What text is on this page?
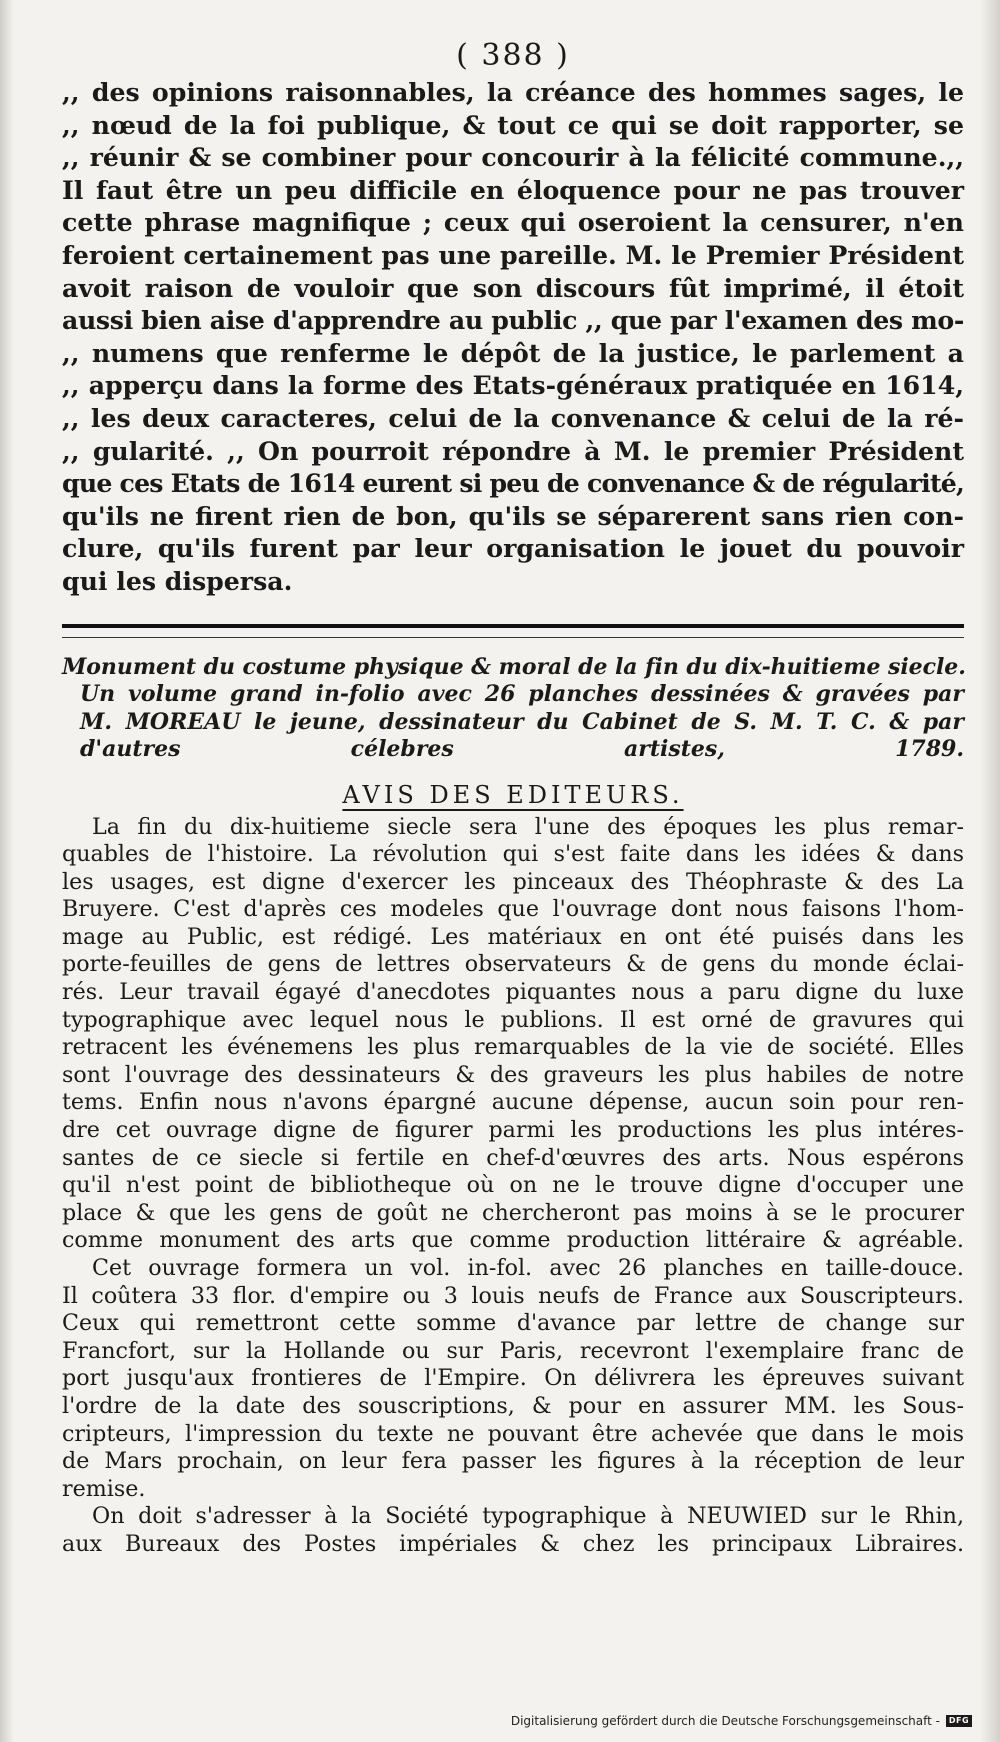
( 388 )
,, des opinions raisonnables, la créance des hommes sages, le
,, nœud de la foi publique, & tout ce qui se doit rapporter, se
,, réunir & se combiner pour concourir à la félicité commune.,,
Il faut être un peu difficile en éloquence pour ne pas trouver
cette phrase magnifique ; ceux qui oseroient la censurer, n'en
feroient certainement pas une pareille. M. le Premier Président
avoit raison de vouloir que son discours fût imprimé, il étoit
aussi bien aise d'apprendre au public ,, que par l'examen des mo-
,, numens que renferme le dépôt de la justice, le parlement a
,, apperçu dans la forme des Etats-généraux pratiquée en 1614,
,, les deux caracteres, celui de la convenance & celui de la ré-
,, gularité. ,, On pourroit répondre à M. le premier Président
que ces Etats de 1614 eurent si peu de convenance & de régularité,
qu'ils ne firent rien de bon, qu'ils se séparerent sans rien con-
clure, qu'ils furent par leur organisation le jouet du pouvoir
qui les dispersa.
Monument du costume physique & moral de la fin du dix-huitieme siecle.
Un volume grand in-folio avec 26 planches dessinées & gravées par
M. MOREAU le jeune, dessinateur du Cabinet de S. M. T. C. & par
d'autres célebres artistes, 1789.
AVIS DES EDITEURS.
La fin du dix-huitieme siecle sera l'une des époques les plus remar-
quables de l'histoire. La révolution qui s'est faite dans les idées & dans
les usages, est digne d'exercer les pinceaux des Théophraste & des La
Bruyere. C'est d'après ces modeles que l'ouvrage dont nous faisons l'hom-
mage au Public, est rédigé. Les matériaux en ont été puisés dans les
porte-feuilles de gens de lettres observateurs & de gens du monde éclai-
rés. Leur travail égayé d'anecdotes piquantes nous a paru digne du luxe
typographique avec lequel nous le publions. Il est orné de gravures qui
retracent les événemens les plus remarquables de la vie de société. Elles
sont l'ouvrage des dessinateurs & des graveurs les plus habiles de notre
tems. Enfin nous n'avons épargné aucune dépense, aucun soin pour ren-
dre cet ouvrage digne de figurer parmi les productions les plus intéres-
santes de ce siecle si fertile en chef-d'œuvres des arts. Nous espérons
qu'il n'est point de bibliotheque où on ne le trouve digne d'occuper une
place & que les gens de goût ne chercheront pas moins à se le procurer
comme monument des arts que comme production littéraire & agréable.
Cet ouvrage formera un vol. in-fol. avec 26 planches en taille-douce.
Il coûtera 33 flor. d'empire ou 3 louis neufs de France aux Souscripteurs.
Ceux qui remettront cette somme d'avance par lettre de change sur
Francfort, sur la Hollande ou sur Paris, recevront l'exemplaire franc de
port jusqu'aux frontieres de l'Empire. On délivrera les épreuves suivant
l'ordre de la date des souscriptions, & pour en assurer MM. les Sous-
cripteurs, l'impression du texte ne pouvant être achevée que dans le mois
de Mars prochain, on leur fera passer les figures à la réception de leur
remise.
On doit s'adresser à la Société typographique à NEUWIED sur le Rhin,
aux Bureaux des Postes impériales & chez les principaux Libraires.
Digitalisierung gefördert durch die Deutsche Forschungsgemeinschaft -	DFG
